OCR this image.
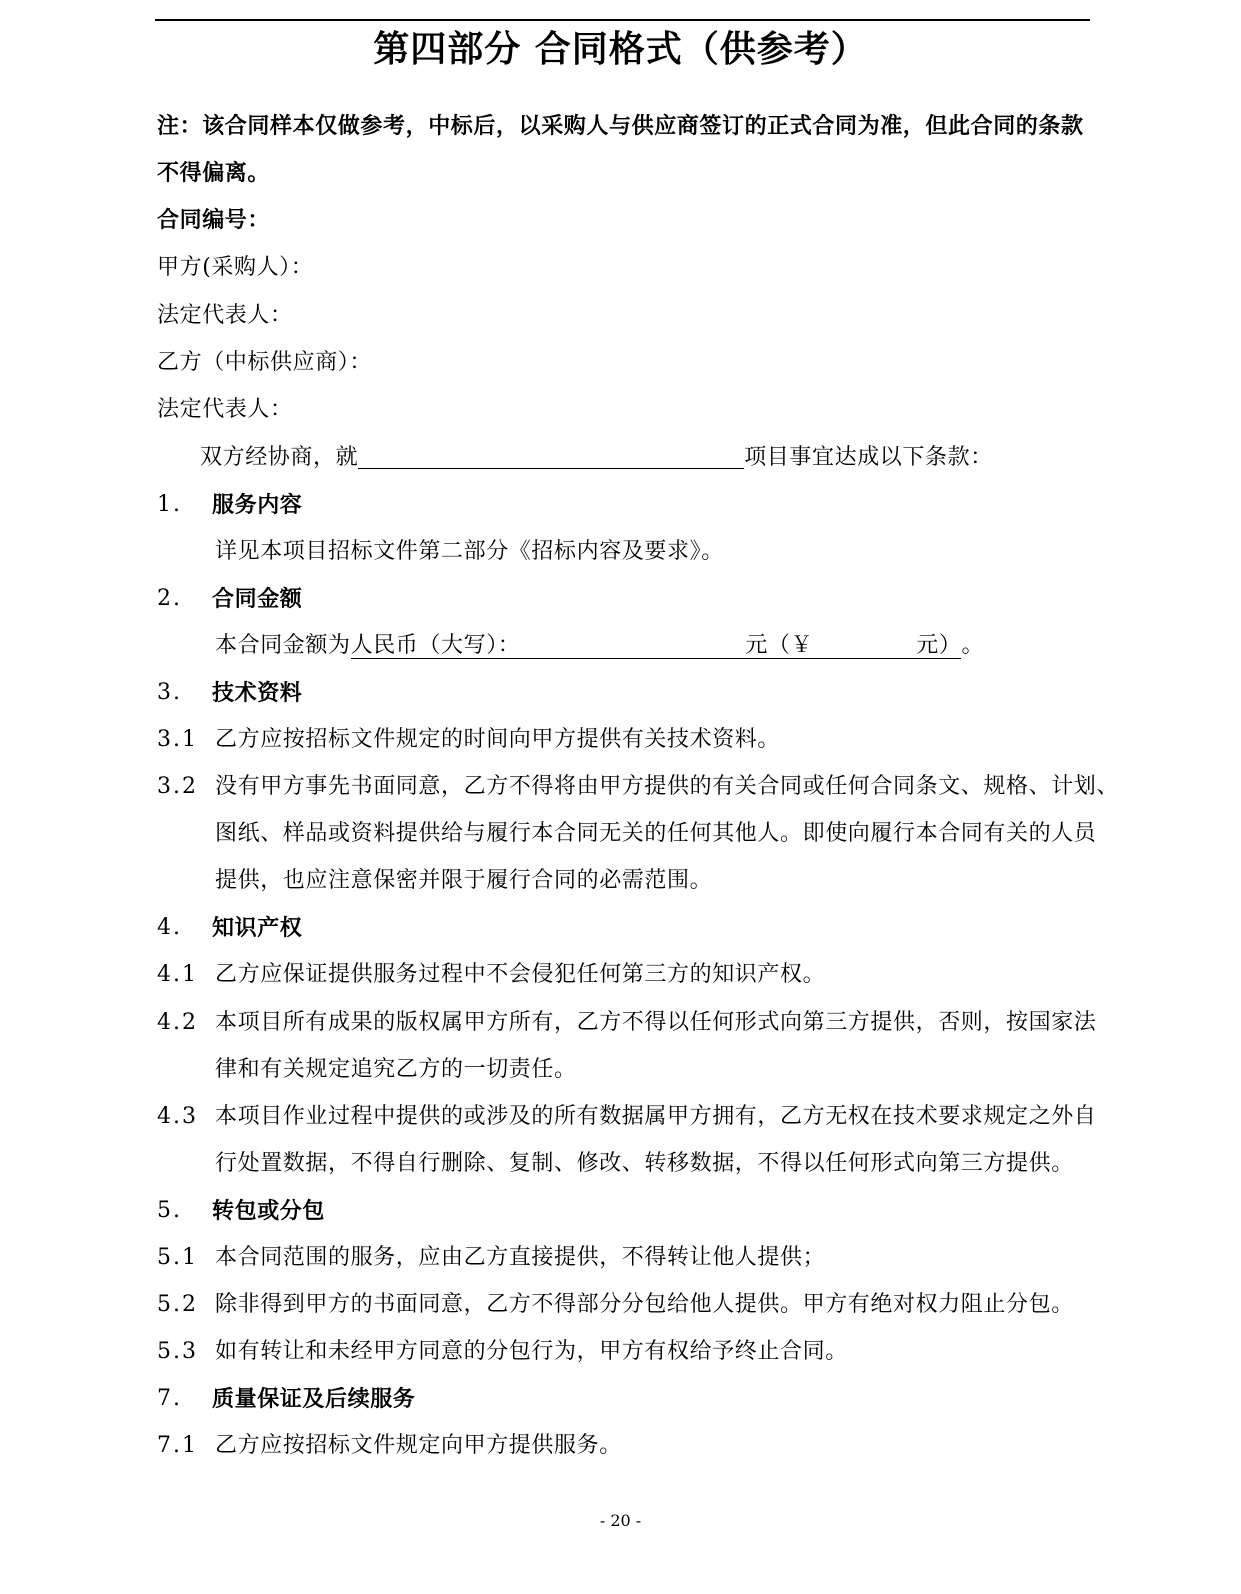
第四部分 合同格式（供参考）
注：该合同样本仅做参考，中标后，以采购人与供应商签订的正式合同为准，但此合同的条款
不得偏离。
合同编号：
甲方(采购人）：
法定代表人：
乙方（中标供应商）：
法定代表人：
双方经协商，就	项目事宜达成以下条款：
1. 服务内容
详见本项目招标文件第二部分《招标内容及要求》。
2. 合同金额
本合同金额为人民币（大写）：	元（￥	元）。
3. 技术资料
3.1 乙方应按招标文件规定的时间向甲方提供有关技术资料。
3.2 没有甲方事先书面同意，乙方不得将由甲方提供的有关合同或任何合同条文、规格、计划、
图纸、样品或资料提供给与履行本合同无关的任何其他人。即使向履行本合同有关的人员
提供，也应注意保密并限于履行合同的必需范围。
4. 知识产权
4.1 乙方应保证提供服务过程中不会侵犯任何第三方的知识产权。
4.2 本项目所有成果的版权属甲方所有，乙方不得以任何形式向第三方提供，否则，按国家法
律和有关规定追究乙方的一切责任。
4.3 本项目作业过程中提供的或涉及的所有数据属甲方拥有，乙方无权在技术要求规定之外自
行处置数据，不得自行删除、复制、修改、转移数据，不得以任何形式向第三方提供。
5. 转包或分包
5.1 本合同范围的服务，应由乙方直接提供，不得转让他人提供；
5.2 除非得到甲方的书面同意，乙方不得部分分包给他人提供。甲方有绝对权力阻止分包。
5.3 如有转让和未经甲方同意的分包行为，甲方有权给予终止合同。
7. 质量保证及后续服务
7.1 乙方应按招标文件规定向甲方提供服务。
- 20 -
